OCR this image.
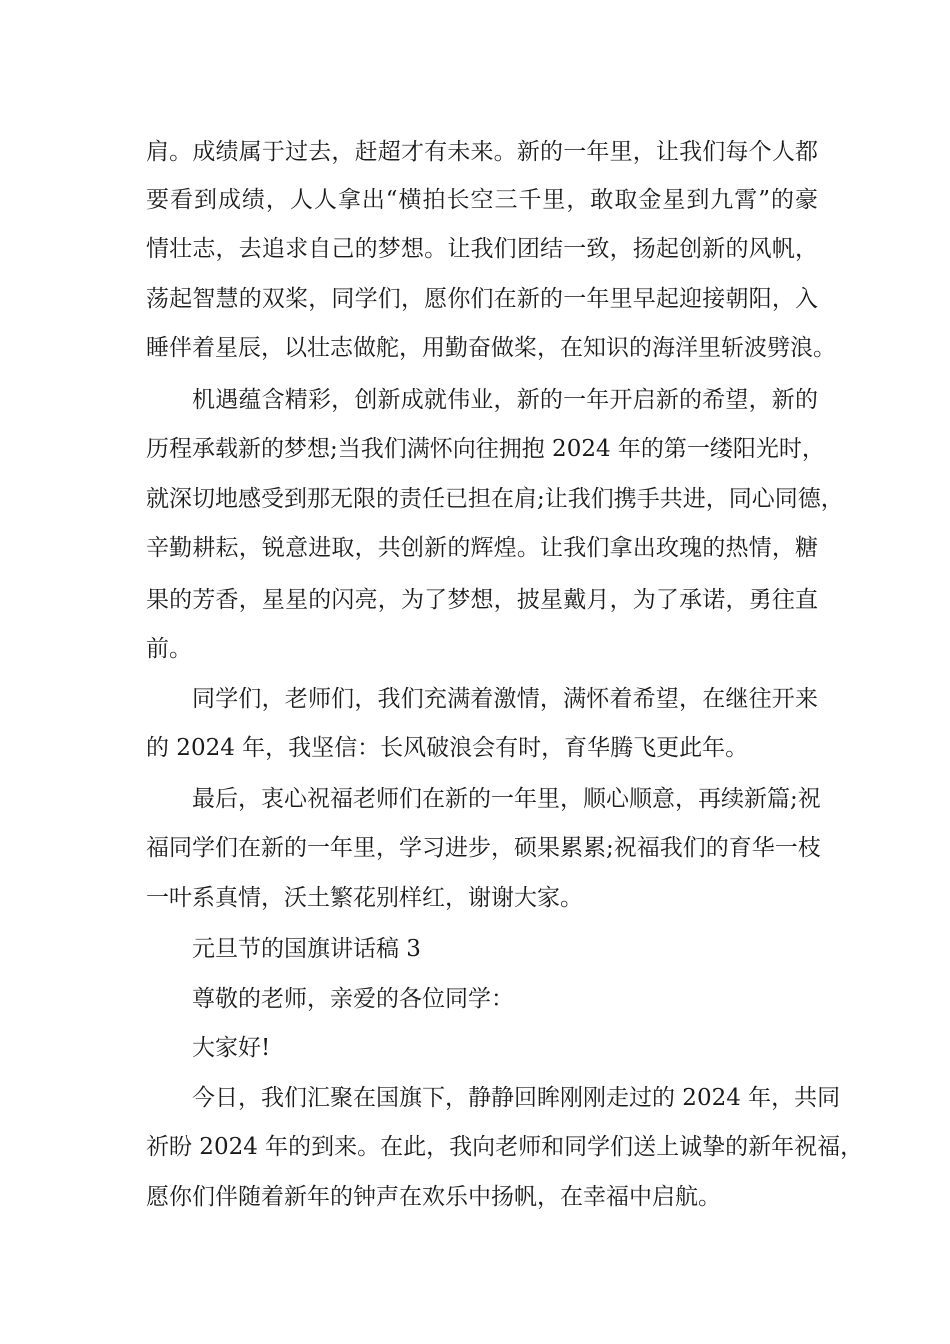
肩。成绩属于过去，赶超才有未来。新的一年里，让我们每个人都
要看到成绩，人人拿出“横拍长空三千里，敢取金星到九霄”的豪
情壮志，去追求自己的梦想。让我们团结一致，扬起创新的风帆，
荡起智慧的双桨，同学们，愿你们在新的一年里早起迎接朝阳，入
睡伴着星辰，以壮志做舵，用勤奋做桨，在知识的海洋里斩波劈浪。
机遇蕴含精彩，创新成就伟业，新的一年开启新的希望，新的
历程承载新的梦想;当我们满怀向往拥抱 2024 年的第一缕阳光时，
就深切地感受到那无限的责任已担在肩;让我们携手共进，同心同德，
辛勤耕耘，锐意进取，共创新的辉煌。让我们拿出玫瑰的热情，糖
果的芳香，星星的闪亮，为了梦想，披星戴月，为了承诺，勇往直
前。
同学们，老师们，我们充满着激情，满怀着希望，在继往开来
的 2024 年，我坚信：长风破浪会有时，育华腾飞更此年。
最后，衷心祝福老师们在新的一年里，顺心顺意，再续新篇;祝
福同学们在新的一年里，学习进步，硕果累累;祝福我们的育华一枝
一叶系真情，沃土繁花别样红，谢谢大家。
元旦节的国旗讲话稿 3
尊敬的老师，亲爱的各位同学：
大家好!
今日，我们汇聚在国旗下，静静回眸刚刚走过的 2024 年，共同
祈盼 2024 年的到来。在此，我向老师和同学们送上诚挚的新年祝福，
愿你们伴随着新年的钟声在欢乐中扬帆，在幸福中启航。
